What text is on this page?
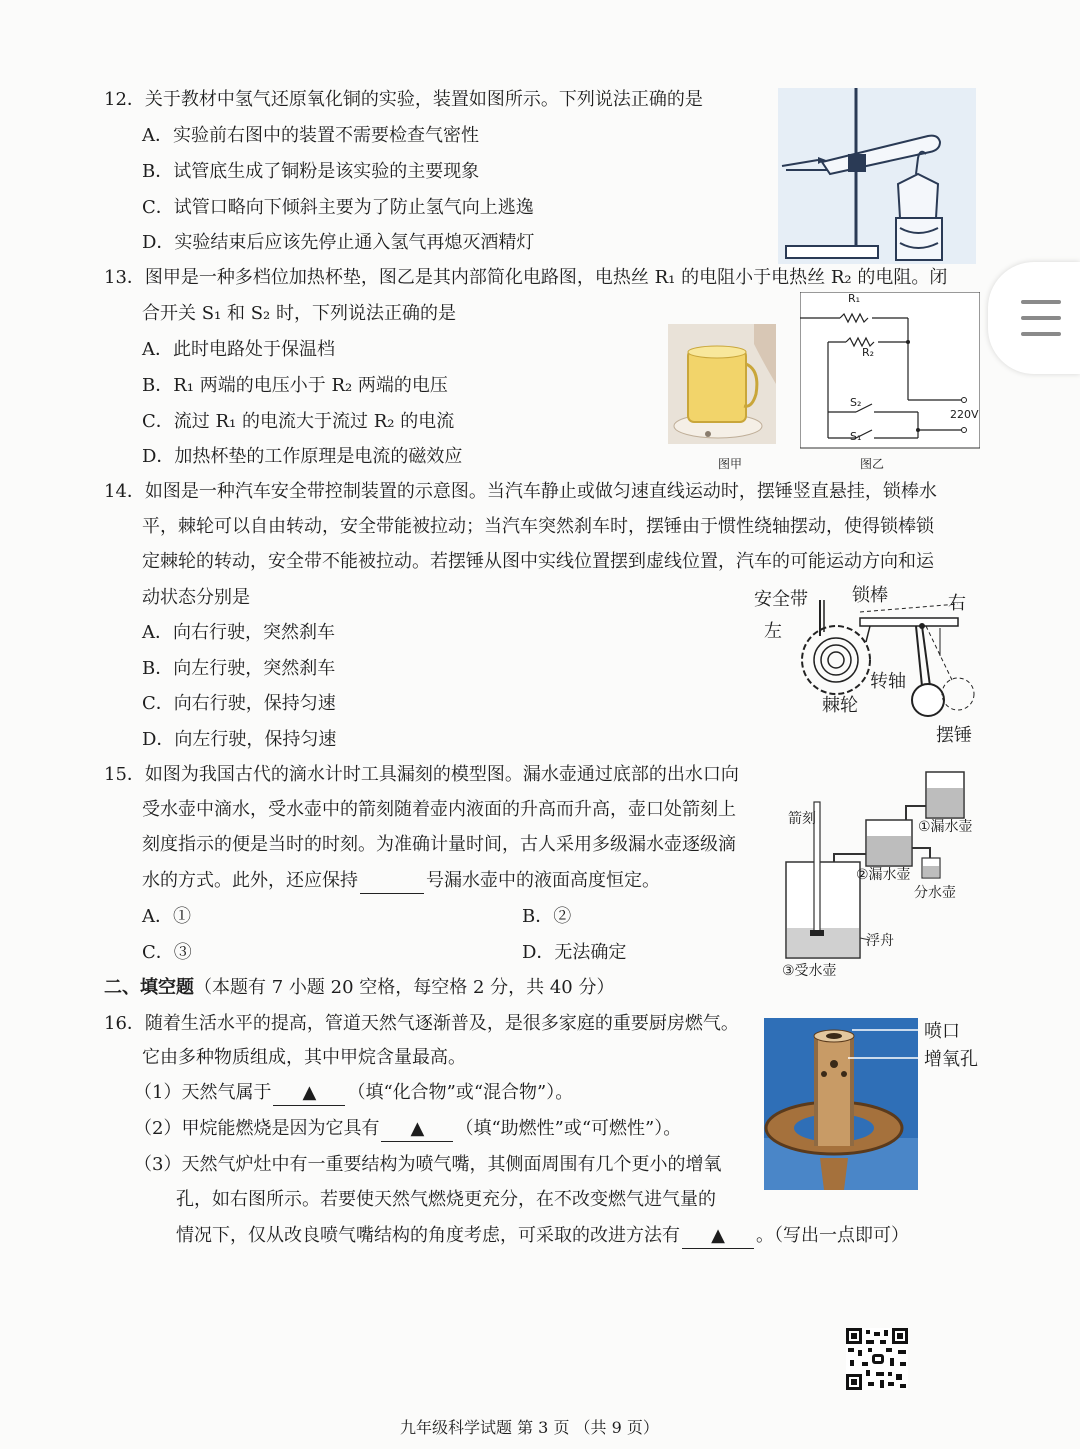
12．关于教材中氢气还原氧化铜的实验，装置如图所示。下列说法正确的是
A．实验前右图中的装置不需要检查气密性
B．试管底生成了铜粉是该实验的主要现象
C．试管口略向下倾斜主要为了防止氢气向上逃逸
D．实验结束后应该先停止通入氢气再熄灭酒精灯
13．图甲是一种多档位加热杯垫，图乙是其内部简化电路图，电热丝 R₁ 的电阻小于电热丝 R₂ 的电阻。闭
合开关 S₁ 和 S₂ 时，下列说法正确的是
A．此时电路处于保温档
B．R₁ 两端的电压小于 R₂ 两端的电压
C．流过 R₁ 的电流大于流过 R₂ 的电流
D．加热杯垫的工作原理是电流的磁效应	图甲
R₁
R₂
S₂
S₁
220V
图乙
14．如图是一种汽车安全带控制装置的示意图。当汽车静止或做匀速直线运动时，摆锤竖直悬挂，锁棒水
平，棘轮可以自由转动，安全带能被拉动；当汽车突然刹车时，摆锤由于惯性绕轴摆动，使得锁棒锁
定棘轮的转动，安全带不能被拉动。若摆锤从图中实线位置摆到虚线位置，汽车的可能运动方向和运
动状态分别是
A．向右行驶，突然刹车
B．向左行驶，突然刹车
C．向右行驶，保持匀速
D．向左行驶，保持匀速
安全带 锁棒	右
左
转轴
棘轮
摆锤
15．如图为我国古代的滴水计时工具漏刻的模型图。漏水壶通过底部的出水口向
受水壶中滴水，受水壶中的箭刻随着壶内液面的升高而升高，壶口处箭刻上
刻度指示的便是当时的时刻。为准确计量时间，古人采用多级漏水壶逐级滴
水的方式。此外，还应保持	号漏水壶中的液面高度恒定。
A．①	B．②
C．③	D．无法确定
箭刻	①漏水壶
②漏水壶
分水壶
浮舟
③受水壶
二、填空题（本题有 7 小题 20 空格，每空格 2 分，共 40 分）
16．随着生活水平的提高，管道天然气逐渐普及，是很多家庭的重要厨房燃气。
它由多种物质组成，其中甲烷含量最高。
（1）天然气属于 ▲ （填“化合物”或“混合物”）。
（2）甲烷能燃烧是因为它具有 ▲ （填“助燃性”或“可燃性”）。
（3）天然气炉灶中有一重要结构为喷气嘴，其侧面周围有几个更小的增氧
孔，如右图所示。若要使天然气燃烧更充分，在不改变燃气进气量的
情况下，仅从改良喷气嘴结构的角度考虑，可采取的改进方法有 ▲ 。（写出一点即可）
喷口
增氧孔
九年级科学试题 第 3 页 （共 9 页）
